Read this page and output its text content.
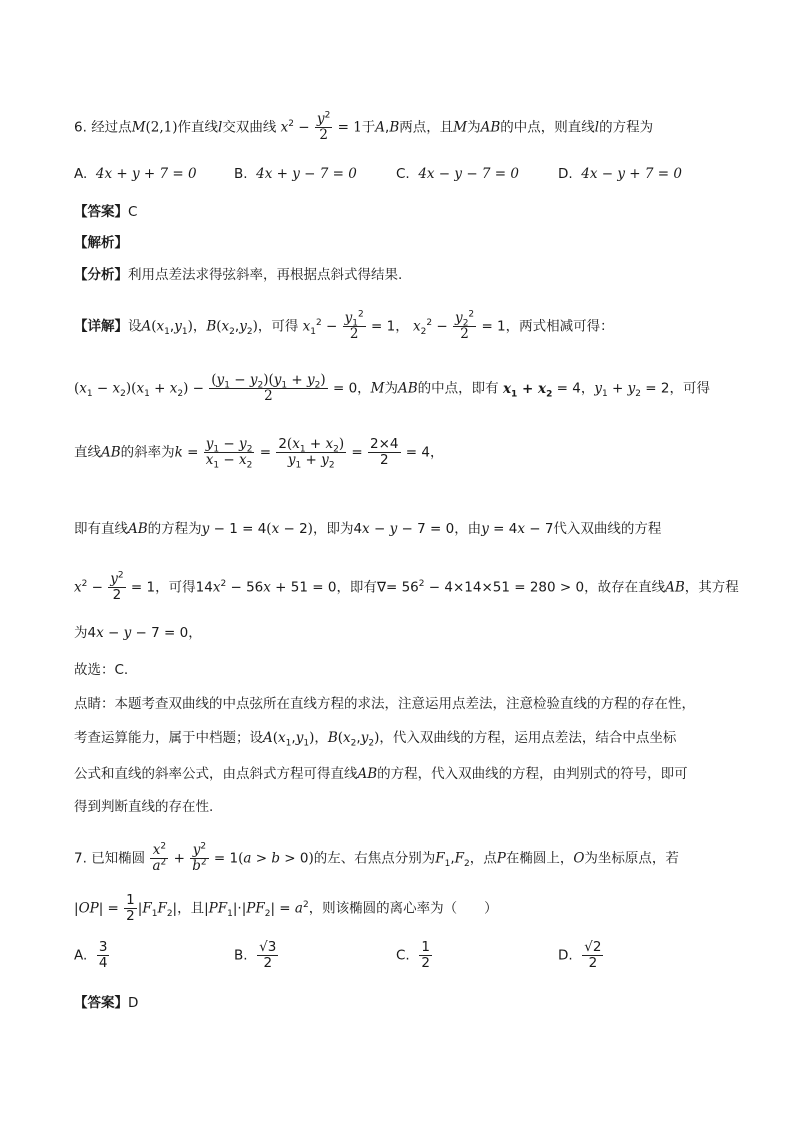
6. 经过点M(2,1)作直线l交双曲线 $x^2 - \frac{y^2}{2} = 1$于A,B两点，且M为AB的中点，则直线l的方程为
A. 4x + y + 7 = 0	B. 4x + y − 7 = 0	C. 4x − y − 7 = 0	D. 4x − y + 7 = 0
【答案】C
【解析】
【分析】利用点差法求得弦斜率，再根据点斜式得结果.
【详解】设$A(x_1,y_1)$，$B(x_2,y_2)$，可得 $x_1^2 - \frac{y_1^2}{2} = 1$， $x_2^2 - \frac{y_2^2}{2} = 1$，两式相减可得：
$(x_1 - x_2)(x_1 + x_2) - \frac{(y_1 - y_2)(y_1 + y_2)}{2} = 0$，M为AB的中点，即有 $x_1 + x_2 = 4$，$y_1 + y_2 = 2$，可得
直线AB的斜率为$k = \frac{y_1 - y_2}{x_1 - x_2} = \frac{2(x_1 + x_2)}{y_1 + y_2} = \frac{2\times 4}{2} = 4$，
即有直线AB的方程为y − 1 = 4(x − 2)，即为4x − y − 7 = 0，由y = 4x − 7代入双曲线的方程
$x^2 - \frac{y^2}{2} = 1$，可得$14x^2 - 56x + 51 = 0$，即有∇= $56^2 - 4\times 14\times 51 = 280 > 0$，故存在直线AB，其方程
为4x − y − 7 = 0，
故选：C.
点睛：本题考查双曲线的中点弦所在直线方程的求法，注意运用点差法，注意检验直线的方程的存在性，
考查运算能力，属于中档题；设$A(x_1,y_1)$，$B(x_2,y_2)$，代入双曲线的方程，运用点差法，结合中点坐标
公式和直线的斜率公式，由点斜式方程可得直线AB的方程，代入双曲线的方程，由判别式的符号，即可
得到判断直线的存在性.
7. 已知椭圆 $\frac{x^2}{a^2} + \frac{y^2}{b^2} = 1(a > b > 0)$的左、右焦点分别为$F_1,F_2$，点P在椭圆上，O为坐标原点，若
$|OP| = \frac{1}{2} |F_1F_2|$，且$|PF_1|\cdot|PF_2| = a^2$，则该椭圆的离心率为（　　）
A. $\frac{3}{4}$	B. $\frac{√3}{2}$	C. $\frac{1}{2}$	D. $\frac{√2}{2}$
【答案】D
